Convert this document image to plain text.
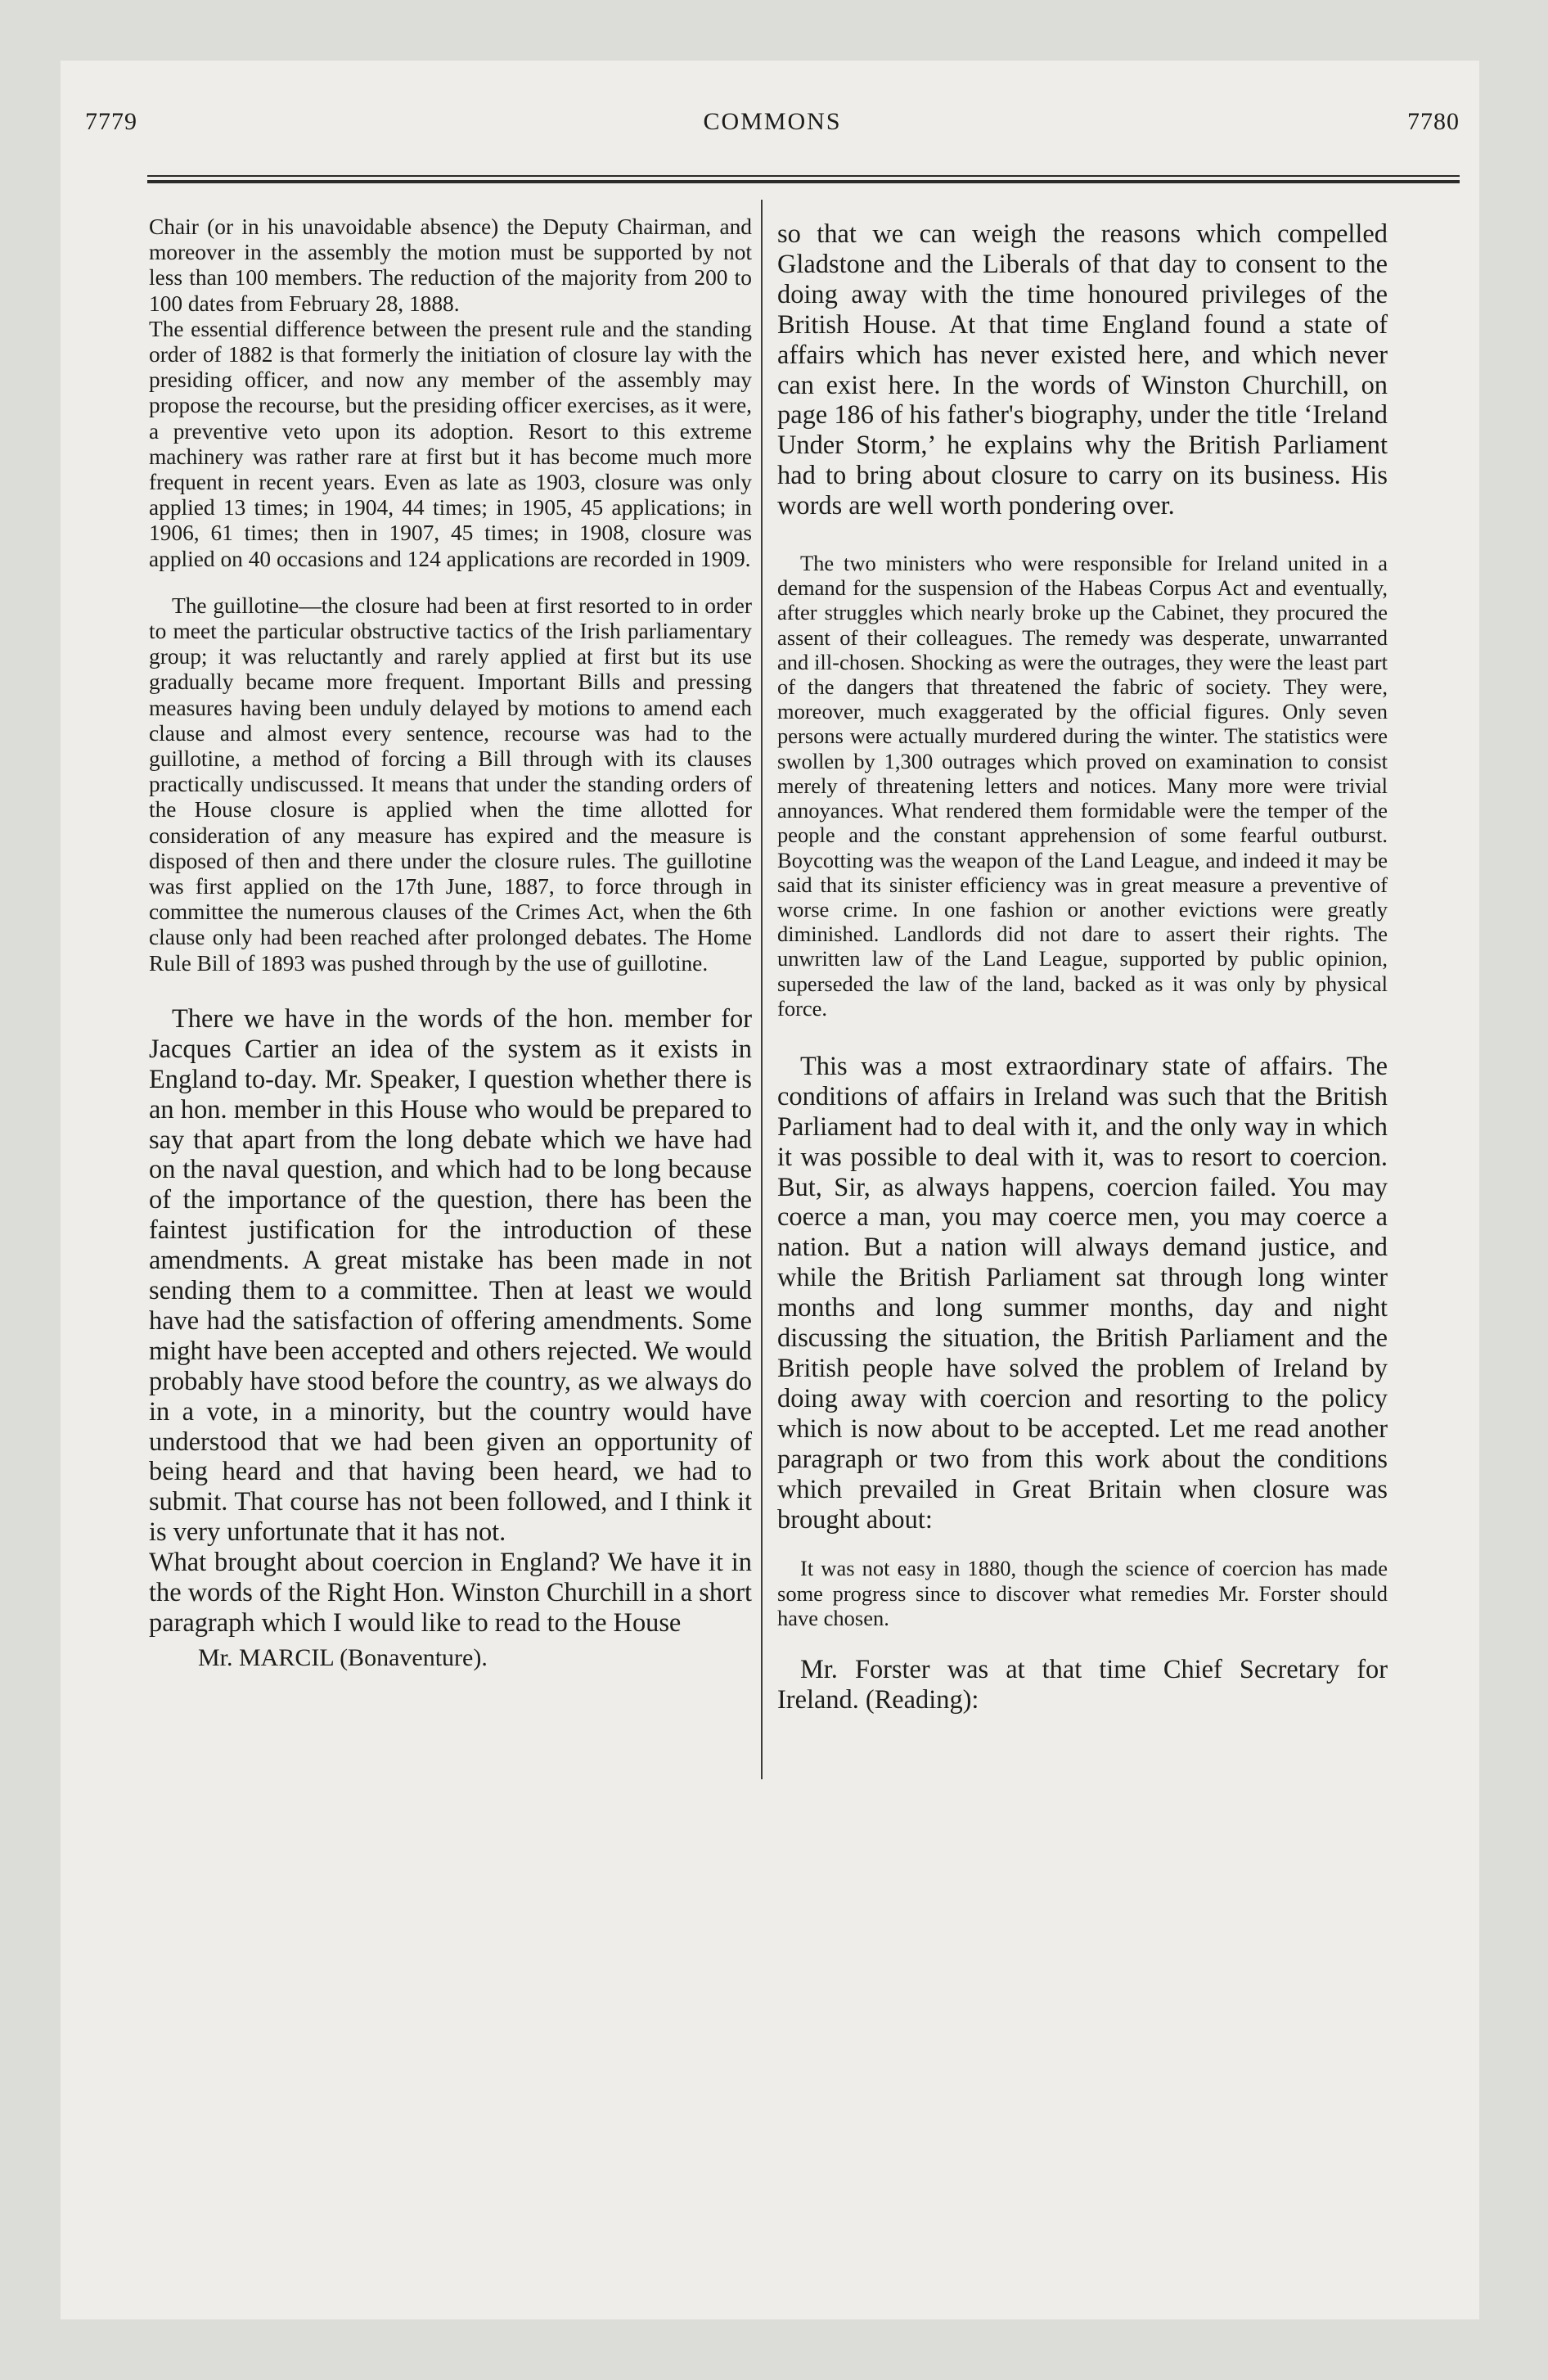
7779	COMMONS	7780

Chair (or in his unavoidable absence) the Deputy Chairman, and moreover in the assembly the motion must be supported by not less than 100 members. The reduction of the majority from 200 to 100 dates from February 28, 1888.

The essential difference between the present rule and the standing order of 1882 is that formerly the initiation of closure lay with the presiding officer, and now any member of the assembly may propose the recourse, but the presiding officer exercises, as it were, a preventive veto upon its adoption. Resort to this extreme machinery was rather rare at first but it has become much more frequent in recent years. Even as late as 1903, closure was only applied 13 times; in 1904, 44 times; in 1905, 45 applications; in 1906, 61 times; then in 1907, 45 times; in 1908, closure was applied on 40 occasions and 124 applications are recorded in 1909.

The guillotine—the closure had been at first resorted to in order to meet the particular obstructive tactics of the Irish parliamentary group; it was reluctantly and rarely applied at first but its use gradually became more frequent. Important Bills and pressing measures having been unduly delayed by motions to amend each clause and almost every sentence, recourse was had to the guillotine, a method of forcing a Bill through with its clauses practically undiscussed. It means that under the standing orders of the House closure is applied when the time allotted for consideration of any measure has expired and the measure is disposed of then and there under the closure rules. The guillotine was first applied on the 17th June, 1887, to force through in committee the numerous clauses of the Crimes Act, when the 6th clause only had been reached after prolonged debates. The Home Rule Bill of 1893 was pushed through by the use of guillotine.

There we have in the words of the hon. member for Jacques Cartier an idea of the system as it exists in England to-day. Mr. Speaker, I question whether there is an hon. member in this House who would be prepared to say that apart from the long debate which we have had on the naval question, and which had to be long because of the importance of the question, there has been the faintest justification for the introduction of these amendments. A great mistake has been made in not sending them to a committee. Then at least we would have had the satisfaction of offering amendments. Some might have been accepted and others rejected. We would probably have stood before the country, as we always do in a vote, in a minority, but the country would have understood that we had been given an opportunity of being heard and that having been heard, we had to submit. That course has not been followed, and I think it is very unfortunate that it has not.

What brought about coercion in England? We have it in the words of the Right Hon. Winston Churchill in a short paragraph which I would like to read to the House

Mr. MARCIL (Bonaventure).

so that we can weigh the reasons which compelled Gladstone and the Liberals of that day to consent to the doing away with the time honoured privileges of the British House. At that time England found a state of affairs which has never existed here, and which never can exist here. In the words of Winston Churchill, on page 186 of his father's biography, under the title ‘Ireland Under Storm,’ he explains why the British Parliament had to bring about closure to carry on its business. His words are well worth pondering over.

The two ministers who were responsible for Ireland united in a demand for the suspension of the Habeas Corpus Act and eventually, after struggles which nearly broke up the Cabinet, they procured the assent of their colleagues. The remedy was desperate, unwarranted and ill-chosen. Shocking as were the outrages, they were the least part of the dangers that threatened the fabric of society. They were, moreover, much exaggerated by the official figures. Only seven persons were actually murdered during the winter. The statistics were swollen by 1,300 outrages which proved on examination to consist merely of threatening letters and notices. Many more were trivial annoyances. What rendered them formidable were the temper of the people and the constant apprehension of some fearful outburst. Boycotting was the weapon of the Land League, and indeed it may be said that its sinister efficiency was in great measure a preventive of worse crime. In one fashion or another evictions were greatly diminished. Landlords did not dare to assert their rights. The unwritten law of the Land League, supported by public opinion, superseded the law of the land, backed as it was only by physical force.

This was a most extraordinary state of affairs. The conditions of affairs in Ireland was such that the British Parliament had to deal with it, and the only way in which it was possible to deal with it, was to resort to coercion. But, Sir, as always happens, coercion failed. You may coerce a man, you may coerce men, you may coerce a nation. But a nation will always demand justice, and while the British Parliament sat through long winter months and long summer months, day and night discussing the situation, the British Parliament and the British people have solved the problem of Ireland by doing away with coercion and resorting to the policy which is now about to be accepted. Let me read another paragraph or two from this work about the conditions which prevailed in Great Britain when closure was brought about:

It was not easy in 1880, though the science of coercion has made some progress since to discover what remedies Mr. Forster should have chosen.

Mr. Forster was at that time Chief Secretary for Ireland. (Reading):
